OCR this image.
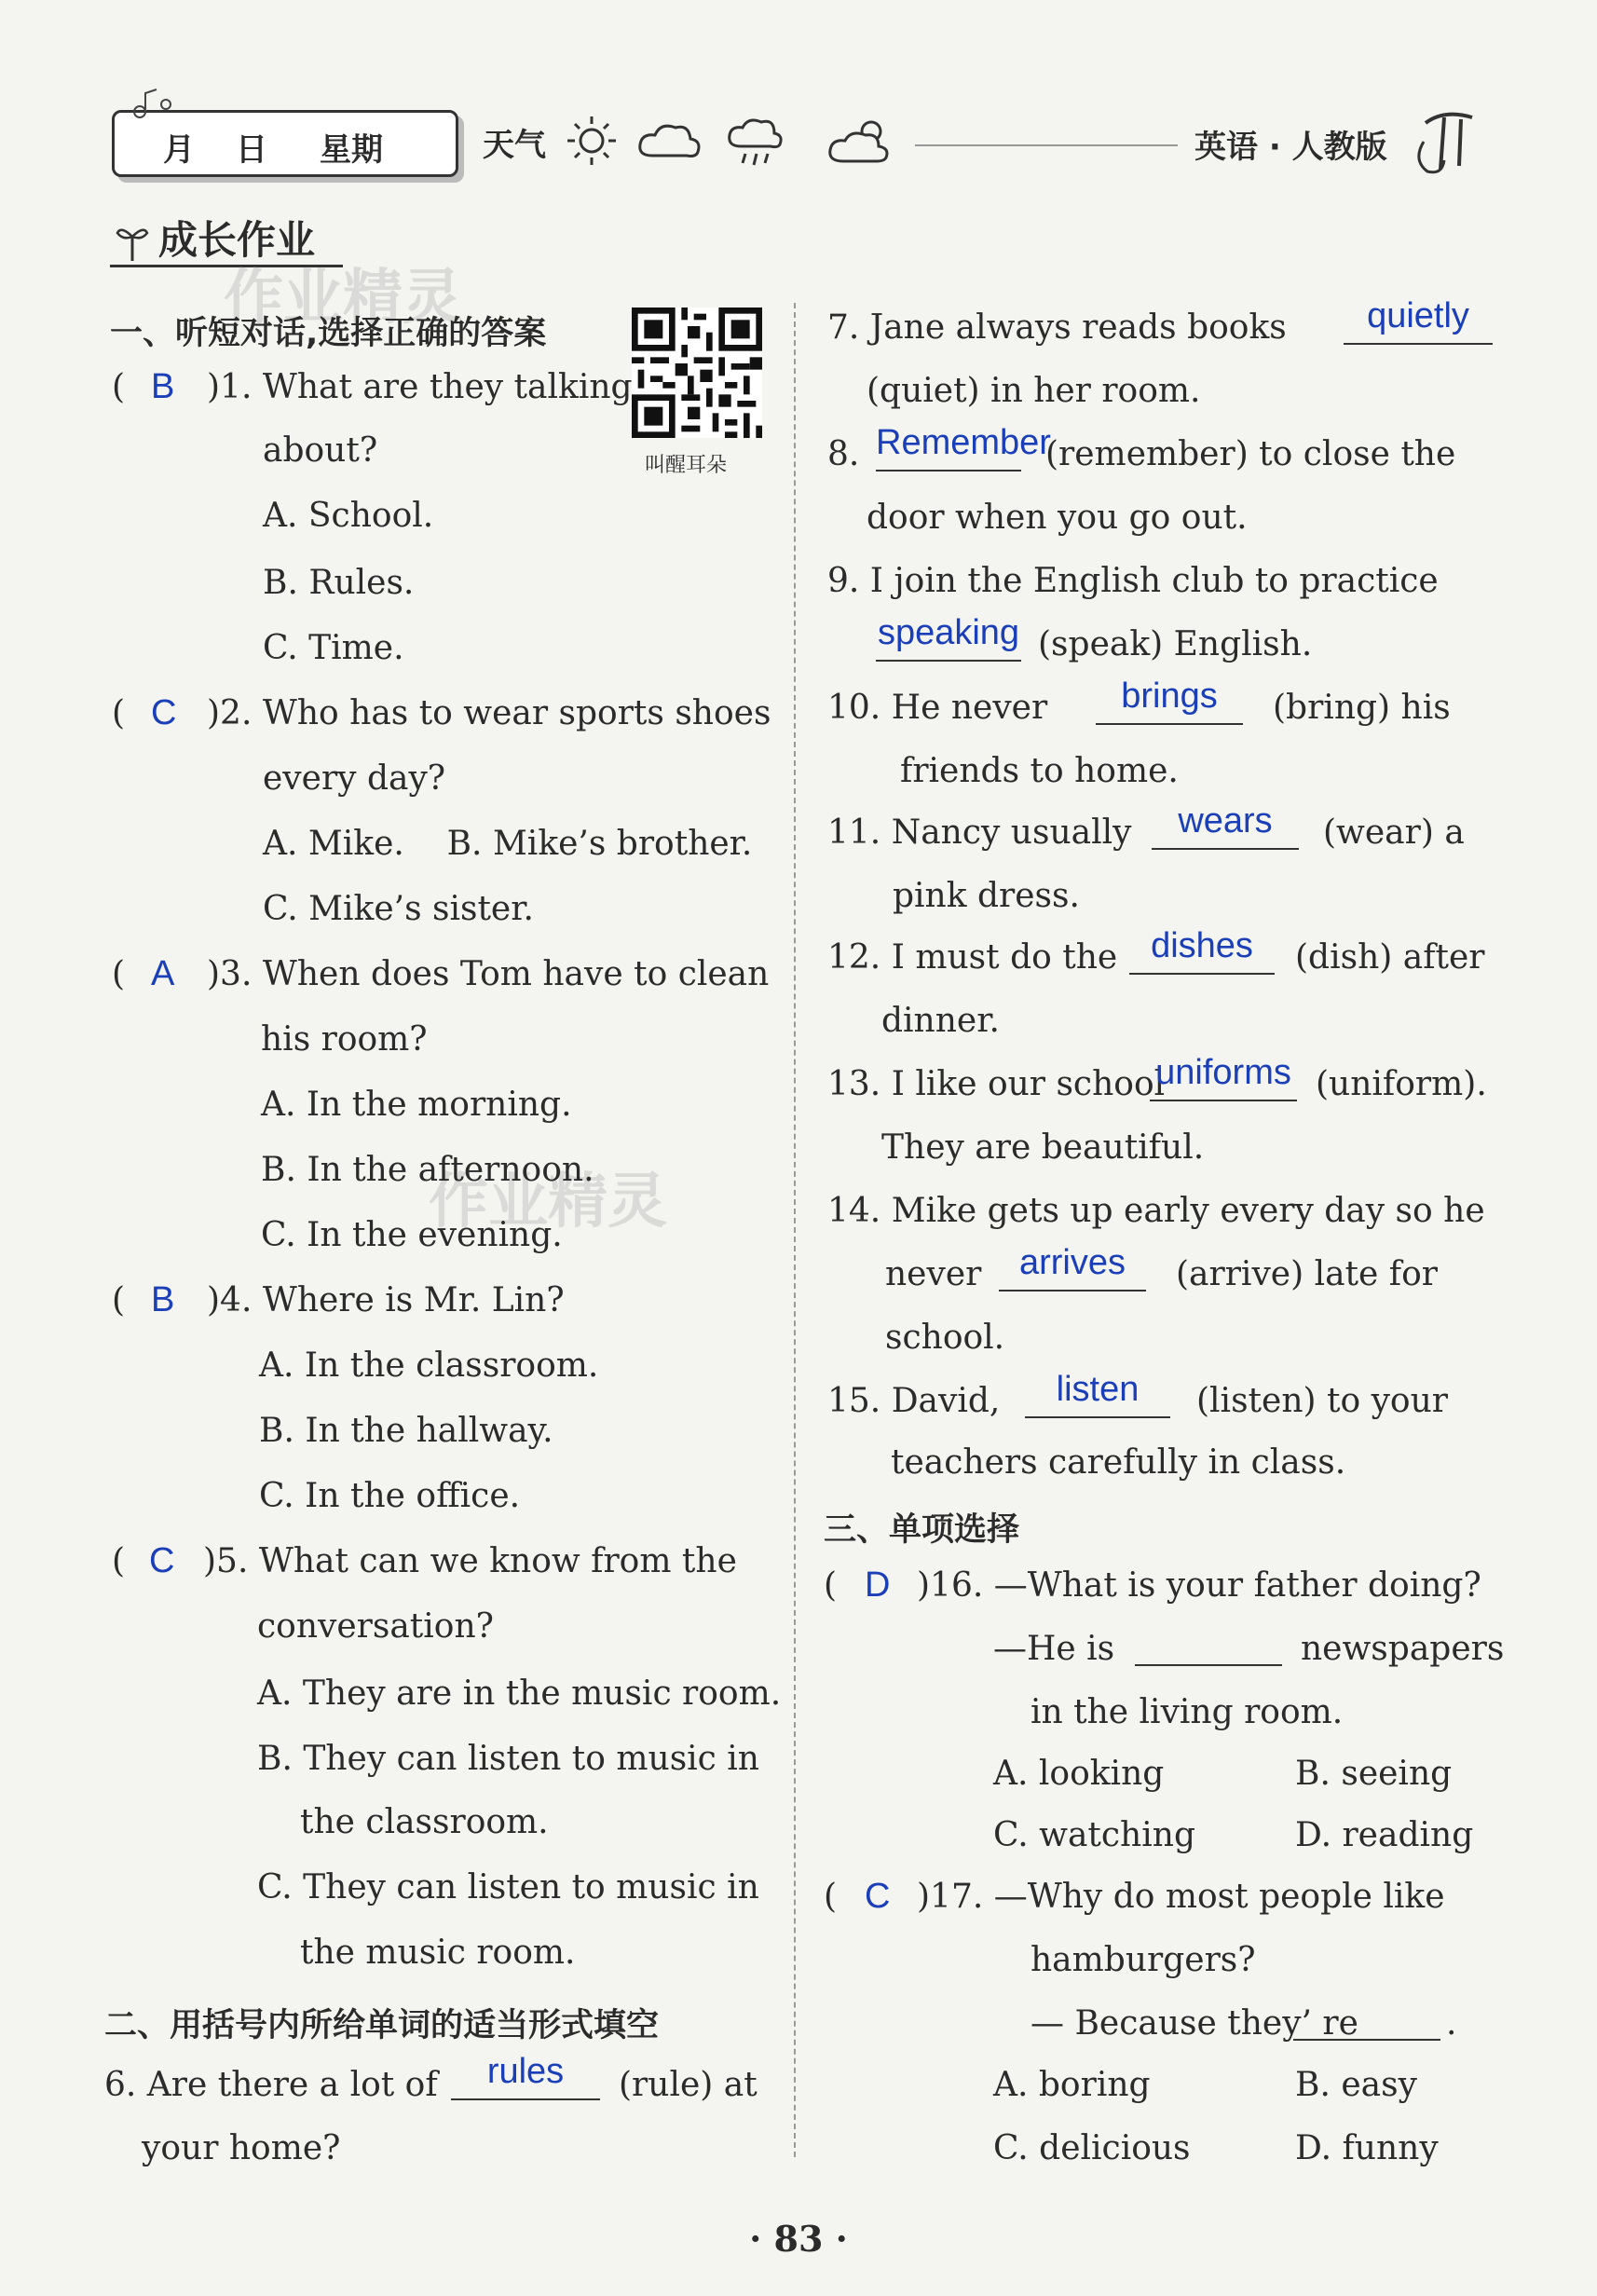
月 日 星期	天气	英语 · 人教版
成长作业
作业精灵
作业精灵
一、听短对话,选择正确的答案
叫醒耳朵
( B )1. What are they talking
about?
A. School.
B. Rules.
C. Time.
( C )2. Who has to wear sports shoes
every day?
A. Mike.    B. Mike’s brother.
C. Mike’s sister.
( A )3. When does Tom have to clean
his room?
A. In the morning.
B. In the afternoon.
C. In the evening.
( B )4. Where is Mr. Lin?
A. In the classroom.
B. In the hallway.
C. In the office.
( C )5. What can we know from the
conversation?
A. They are in the music room.
B. They can listen to music in
the classroom.
C. They can listen to music in
the music room.
二、用括号内所给单词的适当形式填空
6. Are there a lot of	rules	(rule) at
your home?
7. Jane always reads books	quietly
(quiet) in her room.
8. Remember
(remember) to close the
door when you go out.
9. I join the English club to practice
speaking (speak) English.
10. He never	brings	(bring) his
friends to home.
11. Nancy usually	wears	(wear) a
pink dress.
12. I must do the dishes	(dish) after
dinner.
13. I like our school
uniforms (uniform).
They are beautiful.
14. Mike gets up early every day so he
never	arrives	(arrive) late for
school.
15. David,	listen	(listen) to your
teachers carefully in class.
三、单项选择
( D )16. —What is your father doing?
—He is	newspapers
in the living room.
A. looking	B. seeing
C. watching	D. reading
( C )17. —Why do most people like
hamburgers?
— Because they’ re	.
A. boring	B. easy
C. delicious	D. funny
· 83 ·
